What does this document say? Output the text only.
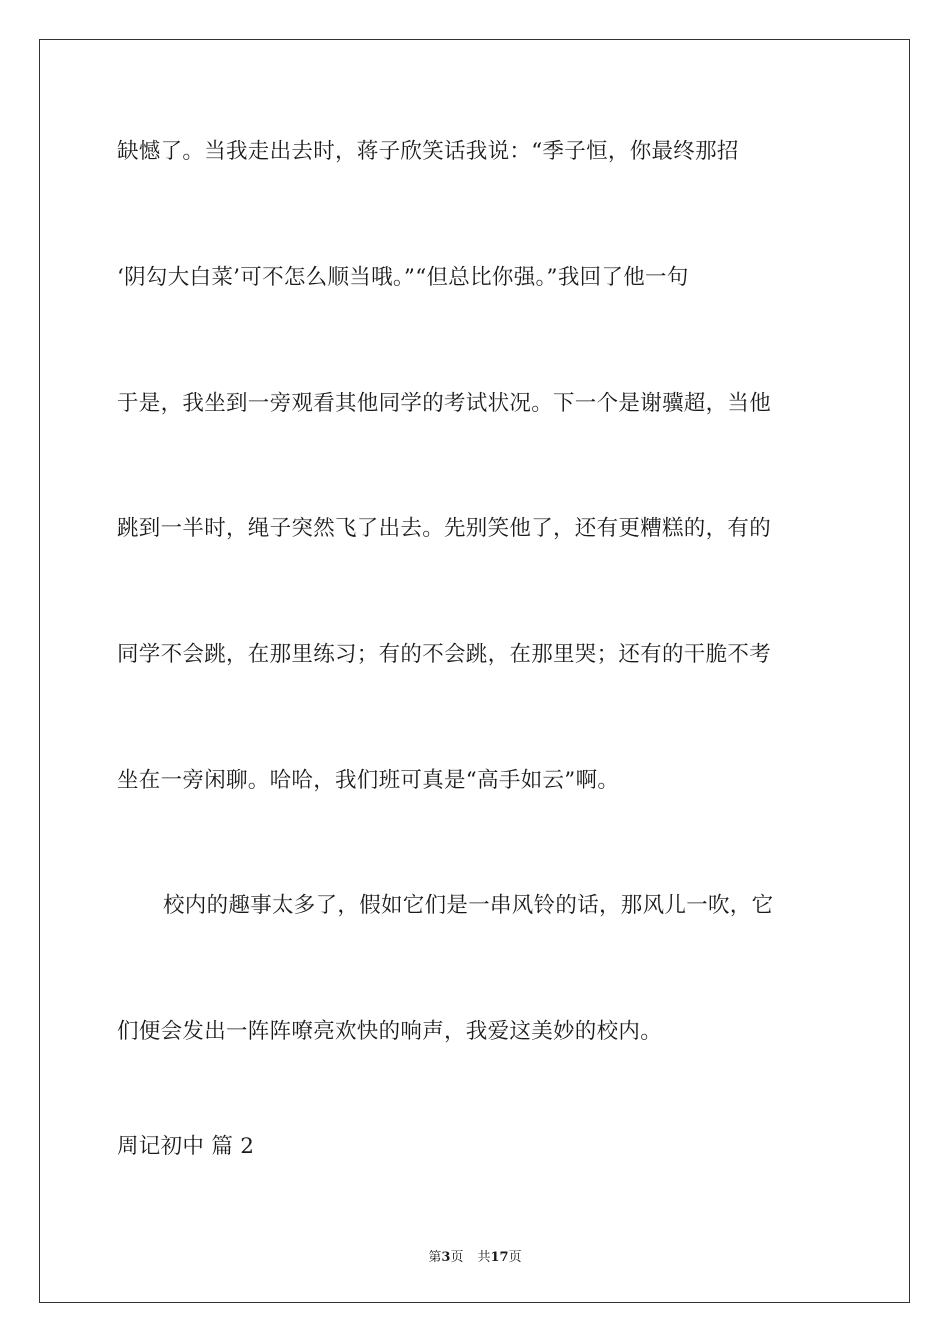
缺憾了。当我走出去时，蒋子欣笑话我说：“季子恒，你最终那招
‘阴勾大白菜’可不怎么顺当哦。”“但总比你强。”我回了他一句
于是，我坐到一旁观看其他同学的考试状况。下一个是谢骥超，当他
跳到一半时，绳子突然飞了出去。先别笑他了，还有更糟糕的，有的
同学不会跳，在那里练习；有的不会跳，在那里哭；还有的干脆不考
坐在一旁闲聊。哈哈，我们班可真是“高手如云”啊。
校内的趣事太多了，假如它们是一串风铃的话，那风儿一吹，它
们便会发出一阵阵嘹亮欢快的响声，我爱这美妙的校内。
周记初中 篇 2
第3页 共17页
